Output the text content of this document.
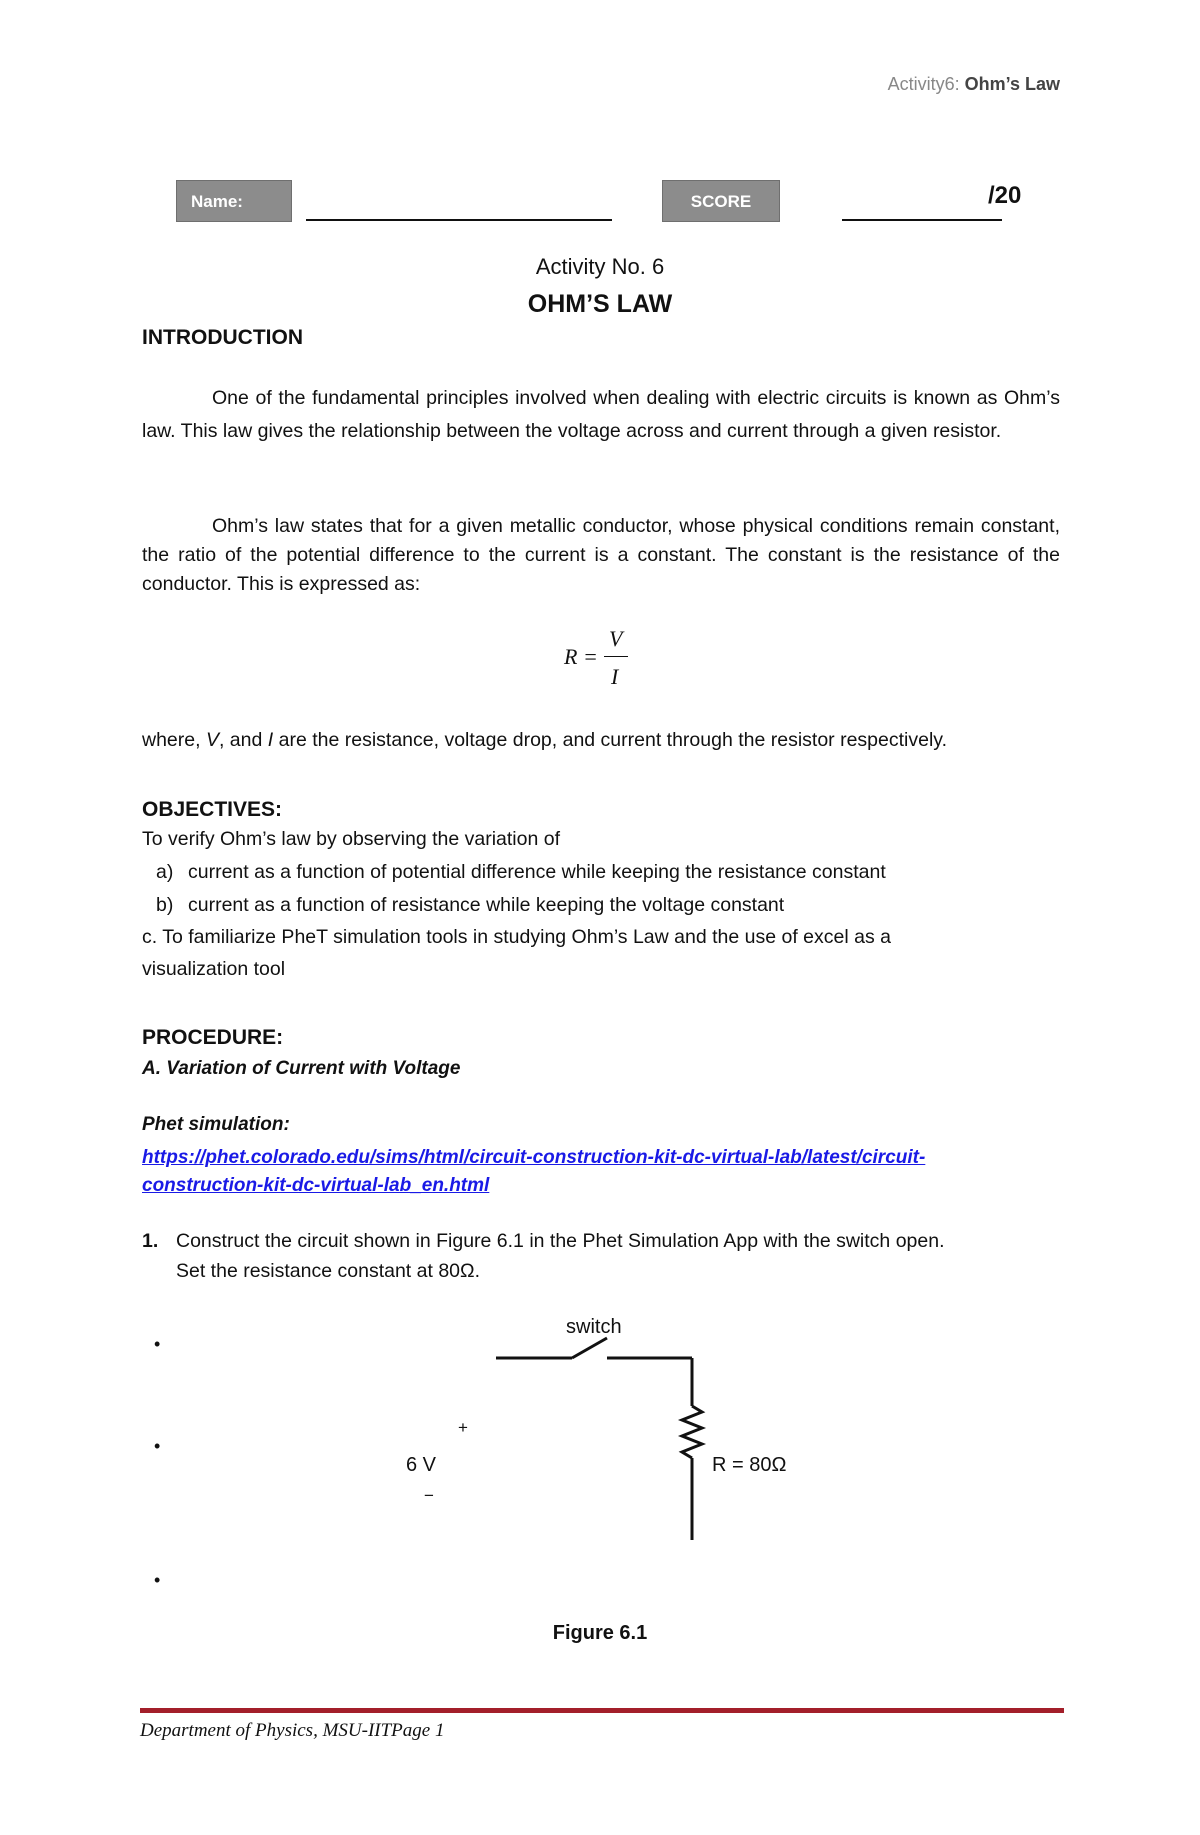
Activity6: Ohm’s Law
Name:	SCORE	/20
Activity No. 6
OHM’S LAW
INTRODUCTION
One of the fundamental principles involved when dealing with electric circuits is known as Ohm’s law. This law gives the relationship between the voltage across and current through a given resistor.
Ohm’s law states that for a given metallic conductor, whose physical conditions remain constant, the ratio of the potential difference to the current is a constant. The constant is the resistance of the conductor. This is expressed as:
R =
V
I
where, V, and I are the resistance, voltage drop, and current through the resistor respectively.
OBJECTIVES:
To verify Ohm’s law by observing the variation of
a) current as a function of potential difference while keeping the resistance constant
b) current as a function of resistance while keeping the voltage constant
c. To familiarize PheT simulation tools in studying Ohm’s Law and the use of excel as a
visualization tool
PROCEDURE:
A. Variation of Current with Voltage
Phet simulation:
https://phet.colorado.edu/sims/html/circuit-construction-kit-dc-virtual-lab/latest/circuit-
construction-kit-dc-virtual-lab_en.html
1. Construct the circuit shown in Figure 6.1 in the Phet Simulation App with the switch open.
Set the resistance constant at 80Ω.
•
•
•
switch
+
6 V
−
R = 80Ω
Figure 6.1
Department of Physics, MSU-IITPage 1
